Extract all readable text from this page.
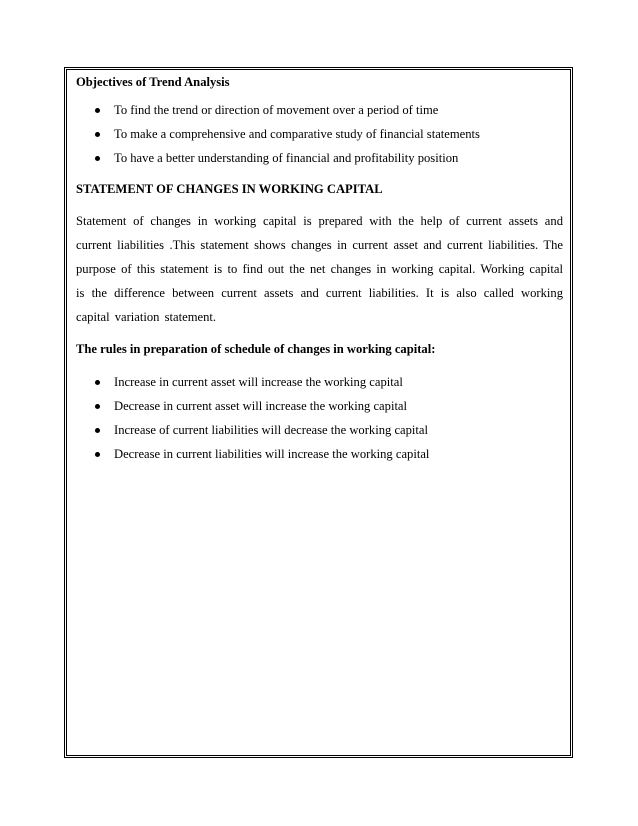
Objectives of Trend Analysis

To find the trend or direction of movement over a period of time
To make a comprehensive and comparative study of financial statements
To have a better understanding of financial and profitability position

STATEMENT OF CHANGES IN WORKING CAPITAL

Statement of changes in working capital is prepared with the help of current assets and current liabilities .This statement shows changes in current asset and current liabilities. The purpose of this statement is to find out the net changes in working capital. Working capital is the difference between current assets and current liabilities. It is also called working capital variation statement.

The rules in preparation of schedule of changes in working capital:

Increase in current asset will increase the working capital
Decrease in current asset will increase the working capital
Increase of current liabilities will decrease the working capital
Decrease in current liabilities will increase the working capital
